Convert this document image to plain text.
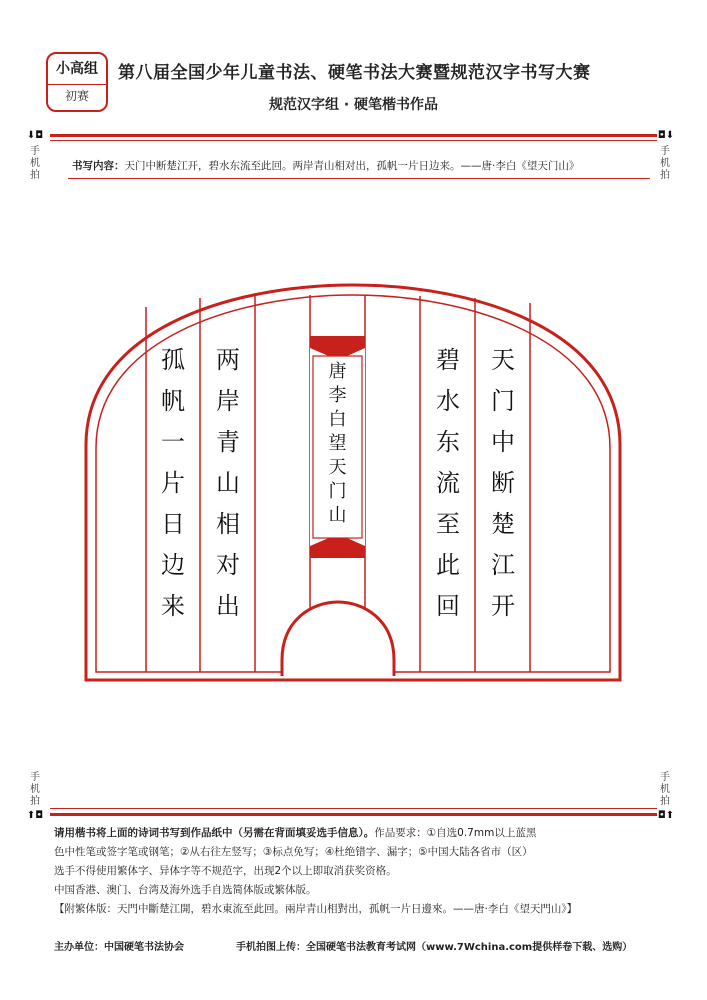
小高组
初赛
第八届全国少年儿童书法、硬笔书法大赛暨规范汉字书写大赛
规范汉字组 · 硬笔楷书作品
⬇◘
手
机
拍
◘⬇
手
机
拍
书写内容：天门中断楚江开，碧水东流至此回。两岸青山相对出，孤帆一片日边来。——唐·李白《望天门山》
天
门
中
断
楚
江
开
碧
水
东
流
至
此
回
两
岸
青
山
相
对
出
孤
帆
一
片
日
边
来
唐
李
白
望
天
门
山
手
机
拍
⬆◘
手
机
拍
◘⬆
请用楷书将上面的诗词书写到作品纸中（另需在背面填妥选手信息）。作品要求：①自选0.7mm以上蓝黑
色中性笔或签字笔或钢笔；②从右往左竖写；③标点免写；④杜绝错字、漏字；⑤中国大陆各省市（区）
选手不得使用繁体字、异体字等不规范字，出现2个以上即取消获奖资格。
中国香港、澳门、台湾及海外选手自选简体版或繁体版。
【附繁体版：天門中斷楚江開，碧水東流至此回。兩岸青山相對出，孤帆一片日邊來。——唐·李白《望天門山》】
主办单位：中国硬笔书法协会	手机拍图上传：全国硬笔书法教育考试网（www.7Wchina.com提供样卷下载、选购）
